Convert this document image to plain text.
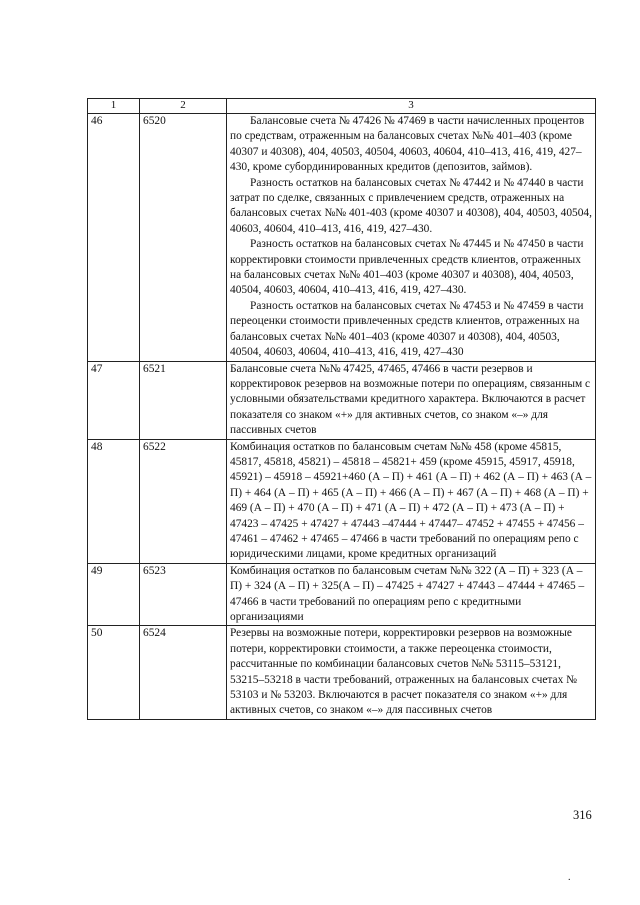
1	2	3
46	6520	Балансовые счета № 47426 № 47469 в части начисленных процентов по средствам, отраженным на балансовых счетах №№ 401–403 (кроме 40307 и 40308), 404, 40503, 40504, 40603, 40604, 410–413, 416, 419, 427–430, кроме субординированных кредитов (депозитов, займов).

Разность остатков на балансовых счетах № 47442 и № 47440 в части затрат по сделке, связанных с привлечением средств, отраженных на балансовых счетах №№ 401-403 (кроме 40307 и 40308), 404, 40503, 40504, 40603, 40604, 410–413, 416, 419, 427–430.

Разность остатков на балансовых счетах № 47445 и № 47450 в части корректировки стоимости привлеченных средств клиентов, отраженных на балансовых счетах №№ 401–403 (кроме 40307 и 40308), 404, 40503, 40504, 40603, 40604, 410–413, 416, 419, 427–430.

Разность остатков на балансовых счетах № 47453 и № 47459 в части переоценки стоимости привлеченных средств клиентов, отраженных на балансовых счетах №№ 401–403 (кроме 40307 и 40308), 404, 40503, 40504, 40603, 40604, 410–413, 416, 419, 427–430

47	6521	Балансовые счета №№ 47425, 47465, 47466 в части резервов и корректировок резервов на возможные потери по операциям, связанным с условными обязательствами кредитного характера. Включаются в расчет показателя со знаком «+» для активных счетов, со знаком «–» для пассивных счетов

48	6522	Комбинация остатков по балансовым счетам №№ 458 (кроме 45815, 45817, 45818, 45821) – 45818 – 45821+ 459 (кроме 45915, 45917, 45918, 45921) – 45918 – 45921+460 (А – П) + 461 (А – П) + 462 (А – П) + 463 (А – П) + 464 (А – П) + 465 (А – П) + 466 (А – П) + 467 (А – П) + 468 (А – П) + 469 (А – П) + 470 (А – П) + 471 (А – П) + 472 (А – П) + 473 (А – П) + 47423 – 47425 + 47427 + 47443 –47444 + 47447– 47452 + 47455 + 47456 – 47461 – 47462 + 47465 – 47466 в части требований по операциям репо с юридическими лицами, кроме кредитных организаций

49	6523	Комбинация остатков по балансовым счетам №№ 322 (А – П) + 323 (А – П) + 324 (А – П) + 325(А – П) – 47425 + 47427 + 47443 – 47444 + 47465 – 47466 в части требований по операциям репо с кредитными организациями

50	6524	Резервы на возможные потери, корректировки резервов на возможные потери, корректировки стоимости, а также переоценка стоимости, рассчитанные по комбинации балансовых счетов №№ 53115–53121, 53215–53218 в части требований, отраженных на балансовых счетах № 53103 и № 53203. Включаются в расчет показателя со знаком «+» для активных счетов, со знаком «–» для пассивных счетов

316
.
